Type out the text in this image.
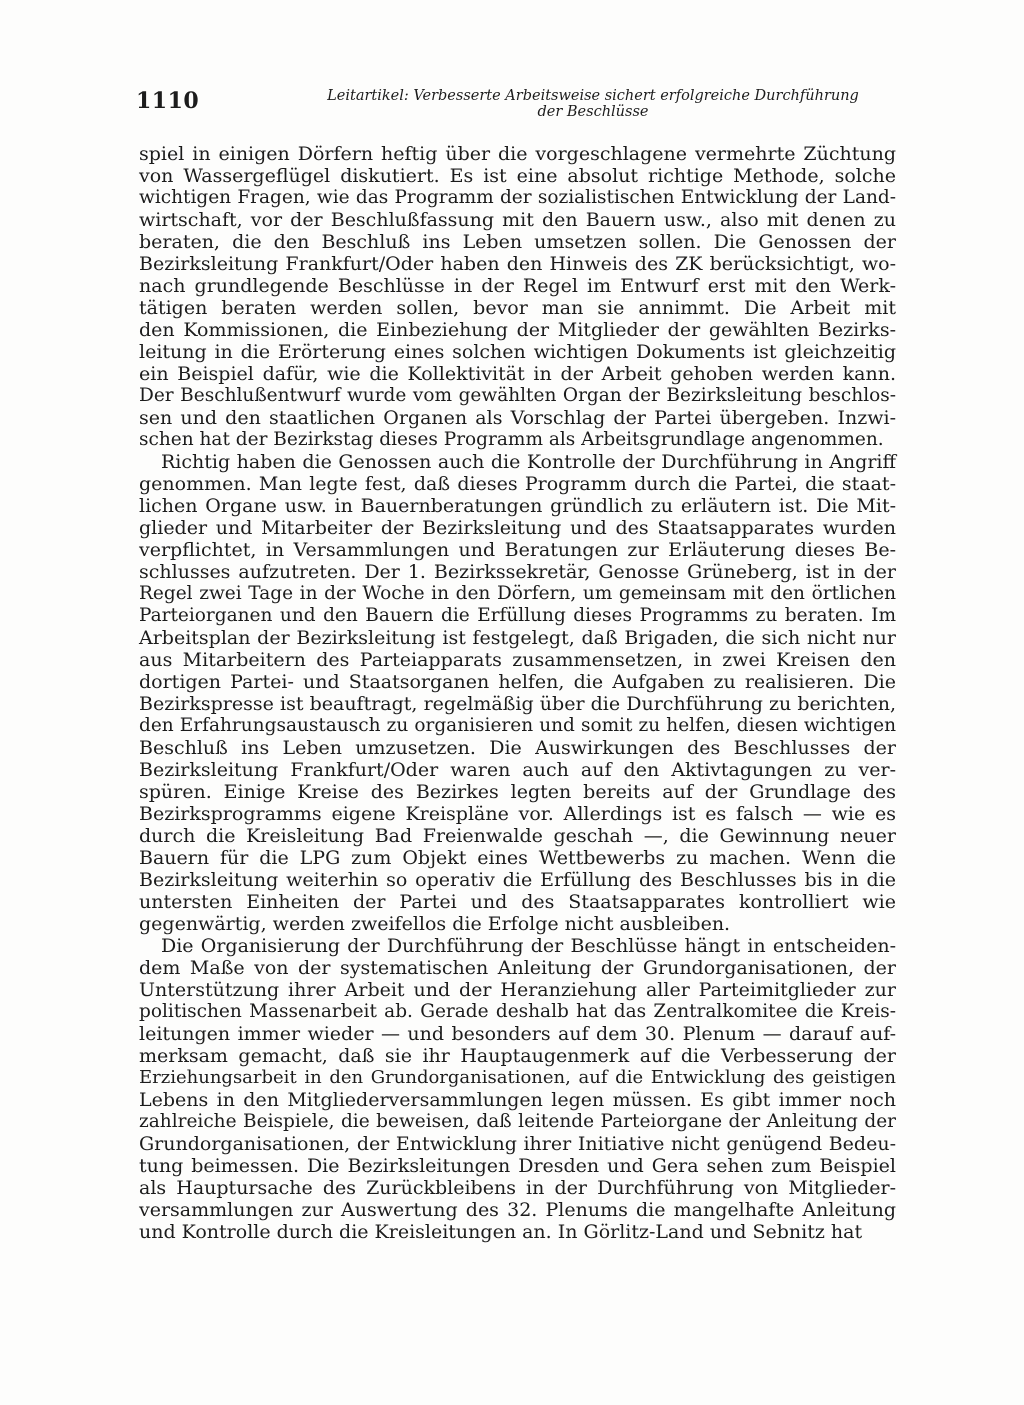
1110	Leitartikel: Verbesserte Arbeitsweise sichert erfolgreiche Durchführung
der Beschlüsse
spiel in einigen Dörfern heftig über die vorgeschlagene vermehrte Züchtung
von Wassergeflügel diskutiert. Es ist eine absolut richtige Methode, solche
wichtigen Fragen, wie das Programm der sozialistischen Entwicklung der Land-
wirtschaft, vor der Beschlußfassung mit den Bauern usw., also mit denen zu
beraten, die den Beschluß ins Leben umsetzen sollen. Die Genossen der
Bezirksleitung Frankfurt/Oder haben den Hinweis des ZK berücksichtigt, wo-
nach grundlegende Beschlüsse in der Regel im Entwurf erst mit den Werk-
tätigen beraten werden sollen, bevor man sie annimmt. Die Arbeit mit
den Kommissionen, die Einbeziehung der Mitglieder der gewählten Bezirks-
leitung in die Erörterung eines solchen wichtigen Dokuments ist gleichzeitig
ein Beispiel dafür, wie die Kollektivität in der Arbeit gehoben werden kann.
Der Beschlußentwurf wurde vom gewählten Organ der Bezirksleitung beschlos-
sen und den staatlichen Organen als Vorschlag der Partei übergeben. Inzwi-
schen hat der Bezirkstag dieses Programm als Arbeitsgrundlage angenommen.
Richtig haben die Genossen auch die Kontrolle der Durchführung in Angriff
genommen. Man legte fest, daß dieses Programm durch die Partei, die staat-
lichen Organe usw. in Bauernberatungen gründlich zu erläutern ist. Die Mit-
glieder und Mitarbeiter der Bezirksleitung und des Staatsapparates wurden
verpflichtet, in Versammlungen und Beratungen zur Erläuterung dieses Be-
schlusses aufzutreten. Der 1. Bezirkssekretär, Genosse Grüneberg, ist in der
Regel zwei Tage in der Woche in den Dörfern, um gemeinsam mit den örtlichen
Parteiorganen und den Bauern die Erfüllung dieses Programms zu beraten. Im
Arbeitsplan der Bezirksleitung ist festgelegt, daß Brigaden, die sich nicht nur
aus Mitarbeitern des Parteiapparats zusammensetzen, in zwei Kreisen den
dortigen Partei- und Staatsorganen helfen, die Aufgaben zu realisieren. Die
Bezirkspresse ist beauftragt, regelmäßig über die Durchführung zu berichten,
den Erfahrungsaustausch zu organisieren und somit zu helfen, diesen wichtigen
Beschluß ins Leben umzusetzen. Die Auswirkungen des Beschlusses der
Bezirksleitung Frankfurt/Oder waren auch auf den Aktivtagungen zu ver-
spüren. Einige Kreise des Bezirkes legten bereits auf der Grundlage des
Bezirksprogramms eigene Kreispläne vor. Allerdings ist es falsch — wie es
durch die Kreisleitung Bad Freienwalde geschah —, die Gewinnung neuer
Bauern für die LPG zum Objekt eines Wettbewerbs zu machen. Wenn die
Bezirksleitung weiterhin so operativ die Erfüllung des Beschlusses bis in die
untersten Einheiten der Partei und des Staatsapparates kontrolliert wie
gegenwärtig, werden zweifellos die Erfolge nicht ausbleiben.
Die Organisierung der Durchführung der Beschlüsse hängt in entscheiden-
dem Maße von der systematischen Anleitung der Grundorganisationen, der
Unterstützung ihrer Arbeit und der Heranziehung aller Parteimitglieder zur
politischen Massenarbeit ab. Gerade deshalb hat das Zentralkomitee die Kreis-
leitungen immer wieder — und besonders auf dem 30. Plenum — darauf auf-
merksam gemacht, daß sie ihr Hauptaugenmerk auf die Verbesserung der
Erziehungsarbeit in den Grundorganisationen, auf die Entwicklung des geistigen
Lebens in den Mitgliederversammlungen legen müssen. Es gibt immer noch
zahlreiche Beispiele, die beweisen, daß leitende Parteiorgane der Anleitung der
Grundorganisationen, der Entwicklung ihrer Initiative nicht genügend Bedeu-
tung beimessen. Die Bezirksleitungen Dresden und Gera sehen zum Beispiel
als Hauptursache des Zurückbleibens in der Durchführung von Mitglieder-
versammlungen zur Auswertung des 32. Plenums die mangelhafte Anleitung
und Kontrolle durch die Kreisleitungen an. In Görlitz-Land und Sebnitz hat
